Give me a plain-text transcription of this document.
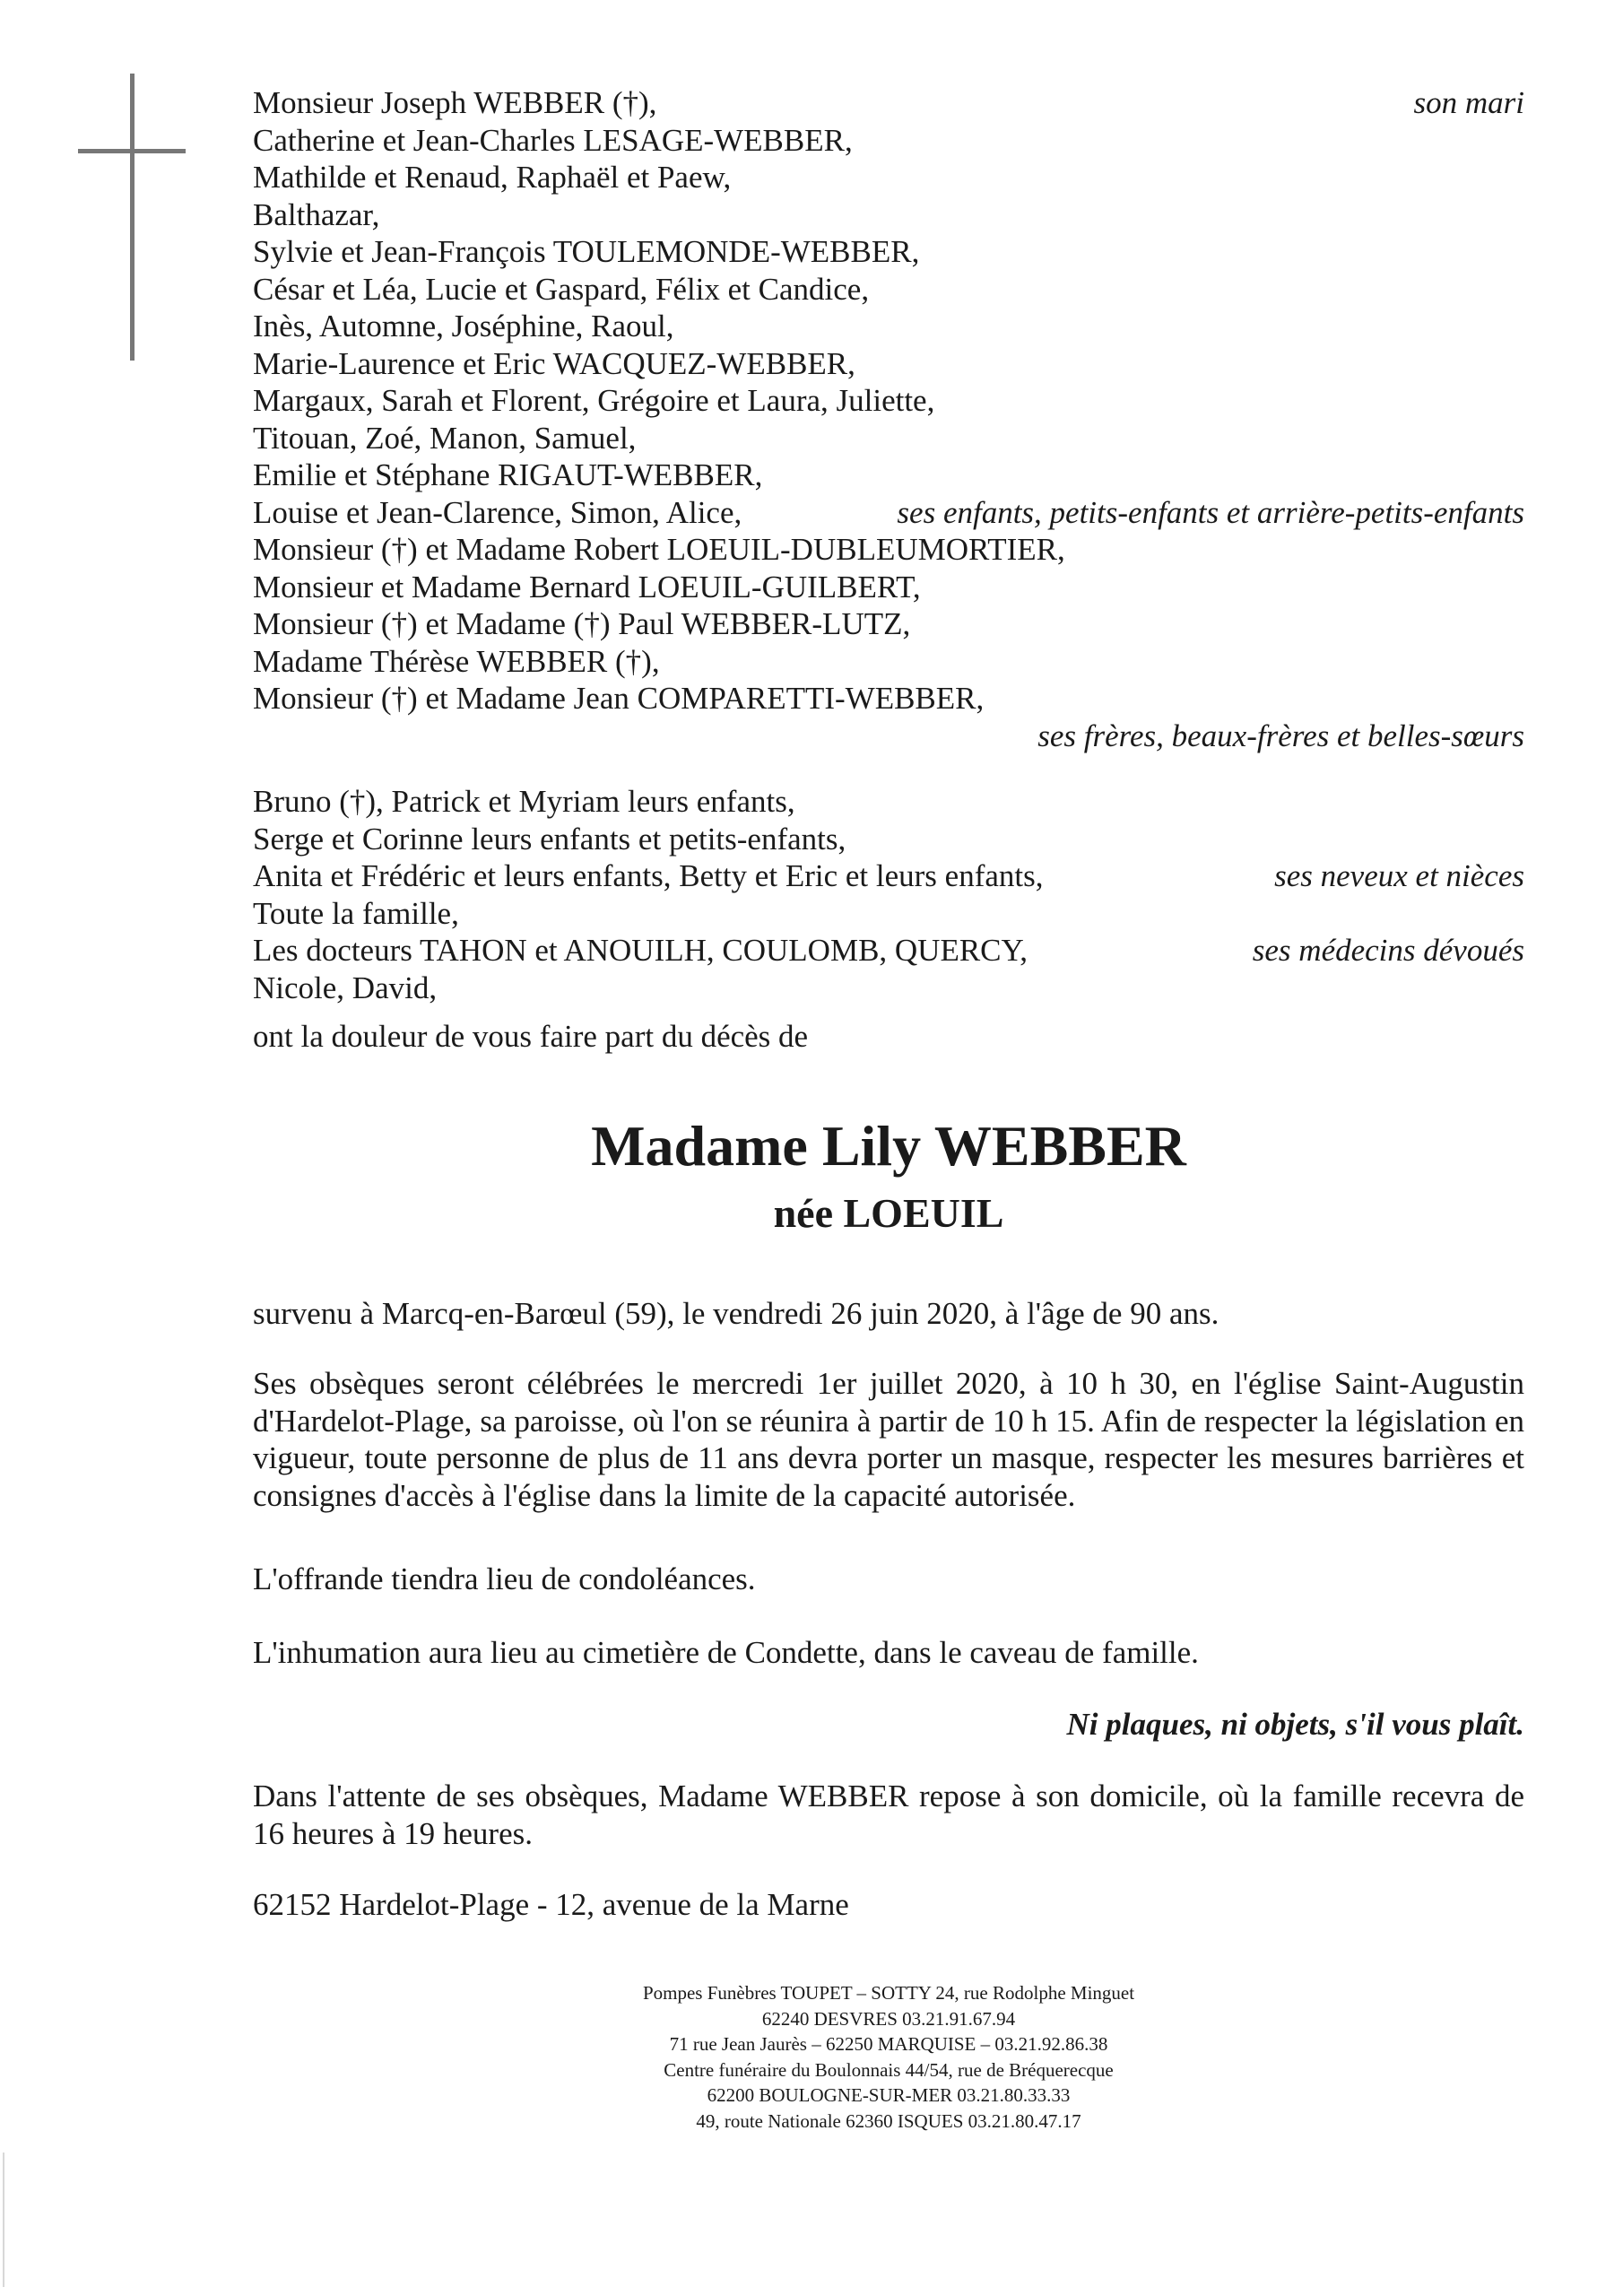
Monsieur Joseph WEBBER (†),	son mari
Catherine et Jean-Charles LESAGE-WEBBER,
Mathilde et Renaud, Raphaël et Paew,
Balthazar,
Sylvie et Jean-François TOULEMONDE-WEBBER,
César et Léa, Lucie et Gaspard, Félix et Candice,
Inès, Automne, Joséphine, Raoul,
Marie-Laurence et Eric WACQUEZ-WEBBER,
Margaux, Sarah et Florent, Grégoire et Laura, Juliette,
Titouan, Zoé, Manon, Samuel,
Emilie et Stéphane RIGAUT-WEBBER,
Louise et Jean-Clarence, Simon, Alice,	ses enfants, petits-enfants et arrière-petits-enfants
Monsieur (†) et Madame Robert LOEUIL-DUBLEUMORTIER,
Monsieur et Madame Bernard LOEUIL-GUILBERT,
Monsieur (†) et Madame (†) Paul WEBBER-LUTZ,
Madame Thérèse WEBBER (†),
Monsieur (†) et Madame Jean COMPARETTI-WEBBER,
ses frères, beaux-frères et belles-sœurs
Bruno (†), Patrick et Myriam leurs enfants,
Serge et Corinne leurs enfants et petits-enfants,
Anita et Frédéric et leurs enfants, Betty et Eric et leurs enfants,	ses neveux et nièces
Toute la famille,
Les docteurs TAHON et ANOUILH, COULOMB, QUERCY,	ses médecins dévoués
Nicole, David,
ont la douleur de vous faire part du décès de
Madame Lily WEBBER
née LOEUIL
survenu à Marcq-en-Barœul (59), le vendredi 26 juin 2020, à l'âge de 90 ans.
Ses obsèques seront célébrées le mercredi 1er juillet 2020, à 10 h 30, en l'église Saint-Augustin d'Hardelot-Plage, sa paroisse, où l'on se réunira à partir de 10 h 15. Afin de respecter la législation en vigueur, toute personne de plus de 11 ans devra porter un masque, respecter les mesures barrières et consignes d'accès à l'église dans la limite de la capacité autorisée.
L'offrande tiendra lieu de condoléances.
L'inhumation aura lieu au cimetière de Condette, dans le caveau de famille.
Ni plaques, ni objets, s'il vous plaît.
Dans l'attente de ses obsèques, Madame WEBBER repose à son domicile, où la famille recevra de 16 heures à 19 heures.
62152 Hardelot-Plage - 12, avenue de la Marne
Pompes Funèbres TOUPET – SOTTY 24, rue Rodolphe Minguet
62240 DESVRES 03.21.91.67.94
71 rue Jean Jaurès – 62250 MARQUISE – 03.21.92.86.38
Centre funéraire du Boulonnais 44/54, rue de Bréquerecque
62200 BOULOGNE-SUR-MER 03.21.80.33.33
49, route Nationale 62360 ISQUES 03.21.80.47.17
